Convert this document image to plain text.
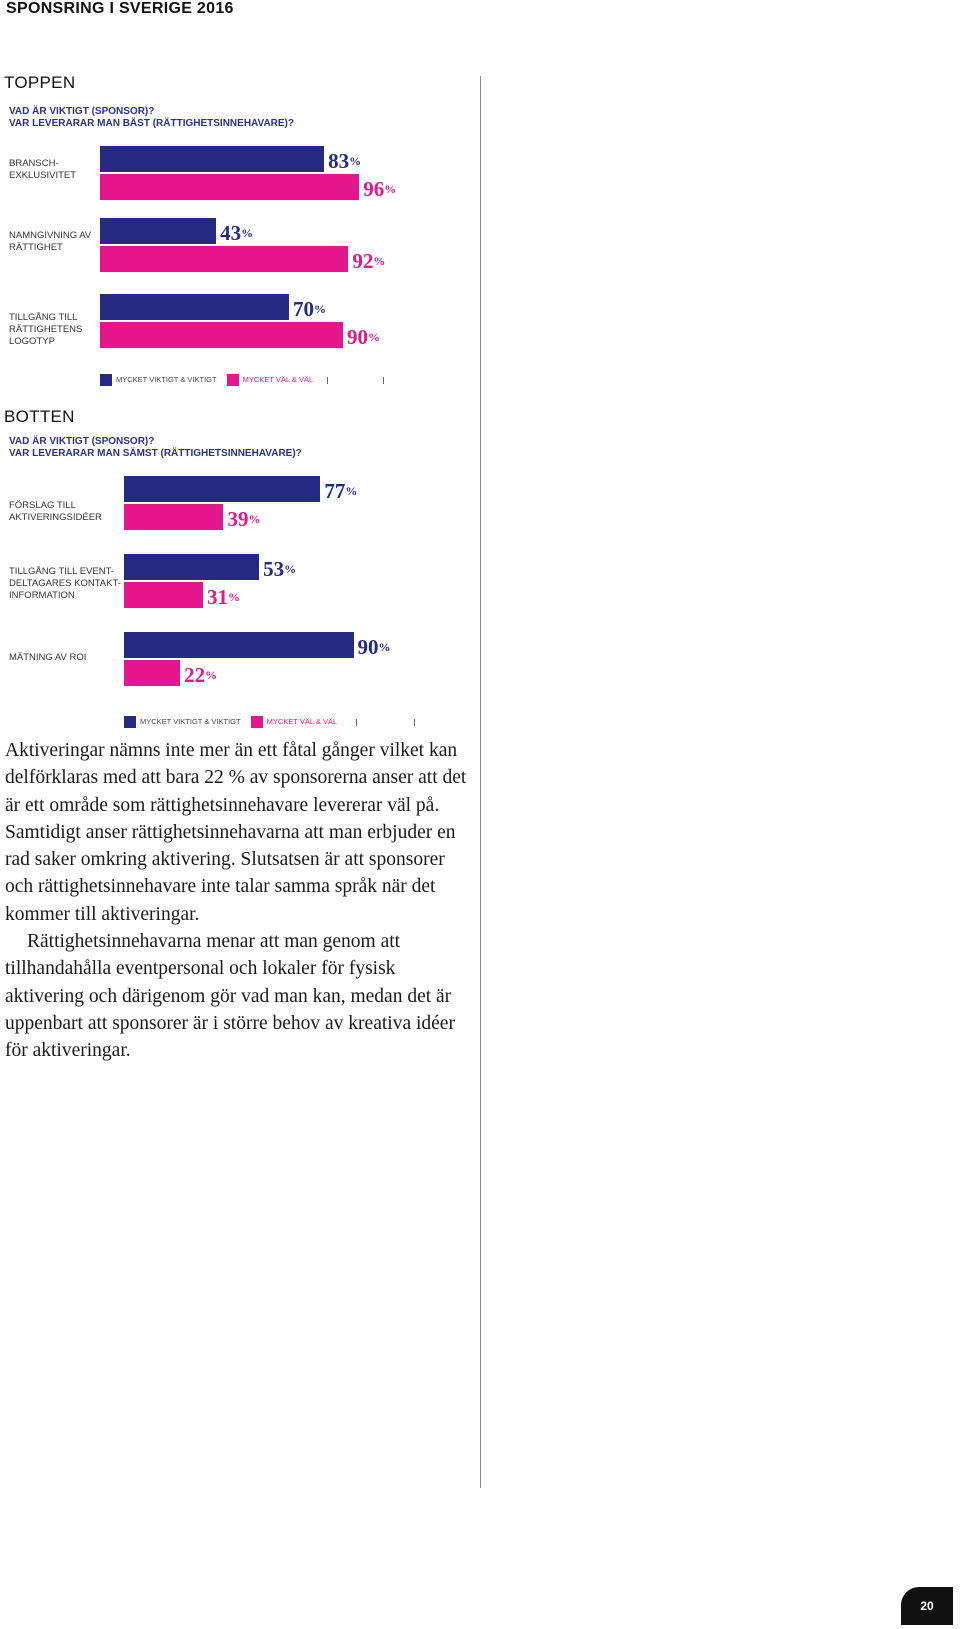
SPONSRING I SVERIGE 2016
TOPPEN
VAD ÄR VIKTIGT (SPONSOR)?
VAR LEVERARAR MAN BÄST (RÄTTIGHETSINNEHAVARE)?
BRANSCH-
EXKLUSIVITET
83%
96%
NAMNGIVNING AV
RÄTTIGHET
43%
92%
TILLGÅNG TILL
RÄTTIGHETENS
LOGOTYP
70%
90%
MYCKET VIKTIGT & VIKTIGT	MYCKET VÄL & VÄL
BOTTEN
VAD ÄR VIKTIGT (SPONSOR)?
VAR LEVERARAR MAN SÄMST (RÄTTIGHETSINNEHAVARE)?
FÖRSLAG TILL
AKTIVERINGSIDÉER
77%
39%
TILLGÅNG TILL EVENT-
DELTAGARES KONTAKT-
INFORMATION
53%
31%
MÄTNING AV ROI	90%
22%
MYCKET VIKTIGT & VIKTIGT	MYCKET VÄL & VÄL

Aktiveringar nämns inte mer än ett fåtal gånger vilket kan delförklaras med att bara 22 % av sponsorerna anser att det är ett område som rättighetsinnehavare levererar väl på. Samtidigt anser rättighetsinnehavarna att man erbjuder en rad saker omkring aktivering. Slutsatsen är att sponsorer och rättighetsinnehavare inte talar samma språk när det kommer till aktiveringar.

Rättighetsinnehavarna menar att man genom att tillhandahålla eventpersonal och lokaler för fysisk aktivering och därigenom gör vad man kan, medan det är uppenbart att sponsorer är i större behov av kreativa idéer för aktiveringar.

20
